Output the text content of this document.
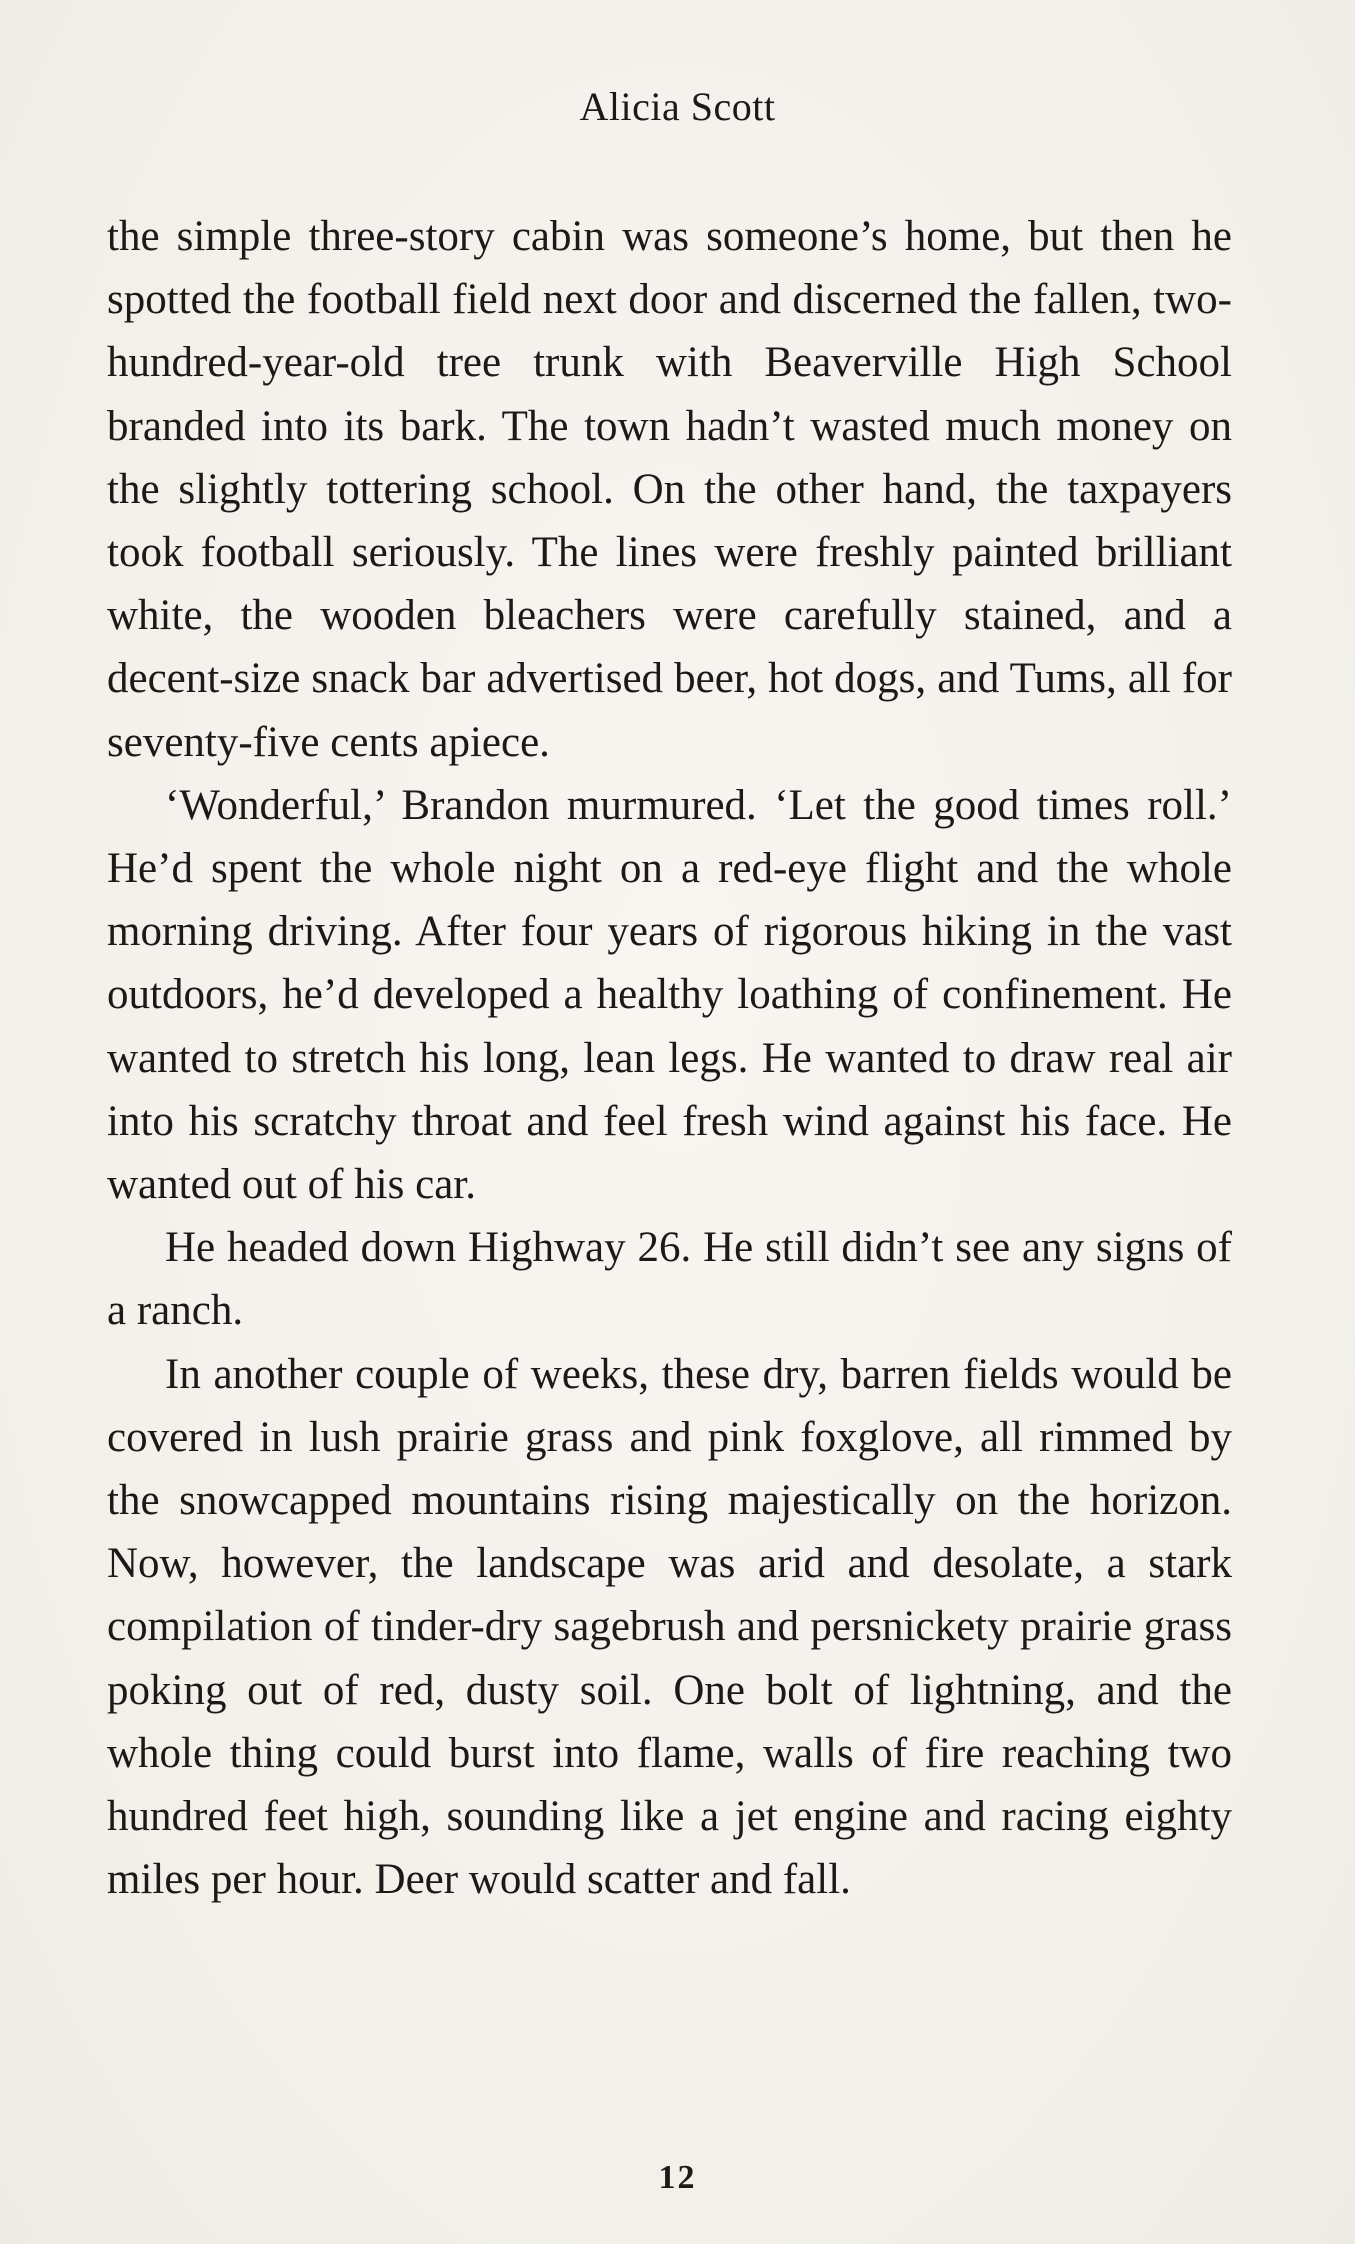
Alicia Scott

the simple three-story cabin was someone’s home, but then he spotted the football field next door and discerned the fallen, two-hundred-year-old tree trunk with Beaverville High School branded into its bark. The town hadn’t wasted much money on the slightly tottering school. On the other hand, the taxpayers took football seriously. The lines were freshly painted brilliant white, the wooden bleachers were carefully stained, and a decent-size snack bar advertised beer, hot dogs, and Tums, all for seventy-five cents apiece.

‘Wonderful,’ Brandon murmured. ‘Let the good times roll.’ He’d spent the whole night on a red-eye flight and the whole morning driving. After four years of rigorous hiking in the vast outdoors, he’d developed a healthy loathing of confinement. He wanted to stretch his long, lean legs. He wanted to draw real air into his scratchy throat and feel fresh wind against his face. He wanted out of his car.

He headed down Highway 26. He still didn’t see any signs of a ranch.

In another couple of weeks, these dry, barren fields would be covered in lush prairie grass and pink foxglove, all rimmed by the snowcapped mountains rising majestically on the horizon. Now, however, the landscape was arid and desolate, a stark compilation of tinder-dry sagebrush and persnickety prairie grass poking out of red, dusty soil. One bolt of lightning, and the whole thing could burst into flame, walls of fire reaching two hundred feet high, sounding like a jet engine and racing eighty miles per hour. Deer would scatter and fall.

12
